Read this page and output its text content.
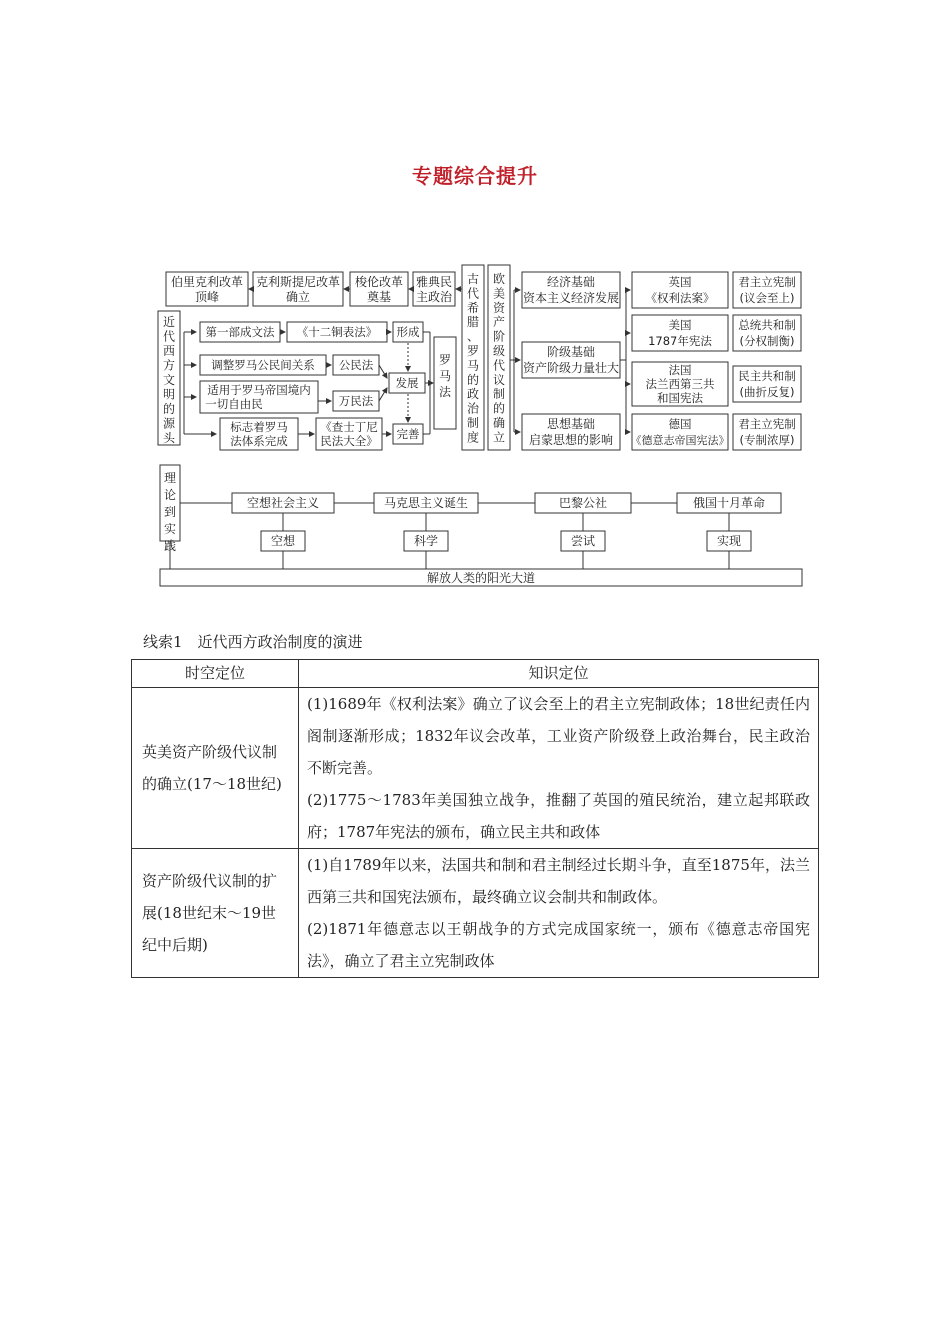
专题综合提升
伯里克利改革
顶峰
克利斯提尼改革
确立
梭伦改革
奠基
雅典民
主政治
近
代
西
方
文
明
的
源
头
罗
马
法
古
代
希
腊
、
罗
马
的
政
治
制
度
欧
美
资
产
阶
级
代
议
制
的
确
立
理
论
到
实
践
第一部成文法
调整罗马公民间关系
适用于罗马帝国境内
一切自由民
标志着罗马
法体系完成
《十二铜表法》
公民法
万民法
《查士丁尼
民法大全》
形成
发展
完善
经济基础
资本主义经济发展
阶级基础
资产阶级力量壮大
思想基础
启蒙思想的影响
英国
《权利法案》
美国
1787年宪法
法国
法兰西第三共
和国宪法
德国
《德意志帝国宪法》
君主立宪制
(议会至上)
总统共和制
(分权制衡)
民主共和制
(曲折反复)
君主立宪制
(专制浓厚)
空想社会主义	马克思主义诞生	巴黎公社	俄国十月革命
空想	科学	尝试	实现
解放人类的阳光大道
线索1　近代西方政治制度的演进
时空定位	知识定位
英美资产阶级代议制的确立(17～18世纪)	(1)1689年《权利法案》确立了议会至上的君主立宪制政体；18世纪责任内阁制逐渐形成；1832年议会改革，工业资产阶级登上政治舞台，民主政治不断完善。

(2)1775～1783年美国独立战争，推翻了英国的殖民统治，建立起邦联政府；1787年宪法的颁布，确立民主共和政体

资产阶级代议制的扩展(18世纪末～19世纪中后期)	(1)自1789年以来，法国共和制和君主制经过长期斗争，直至1875年，法兰西第三共和国宪法颁布，最终确立议会制共和制政体。

(2)1871年德意志以王朝战争的方式完成国家统一，颁布《德意志帝国宪法》，确立了君主立宪制政体
